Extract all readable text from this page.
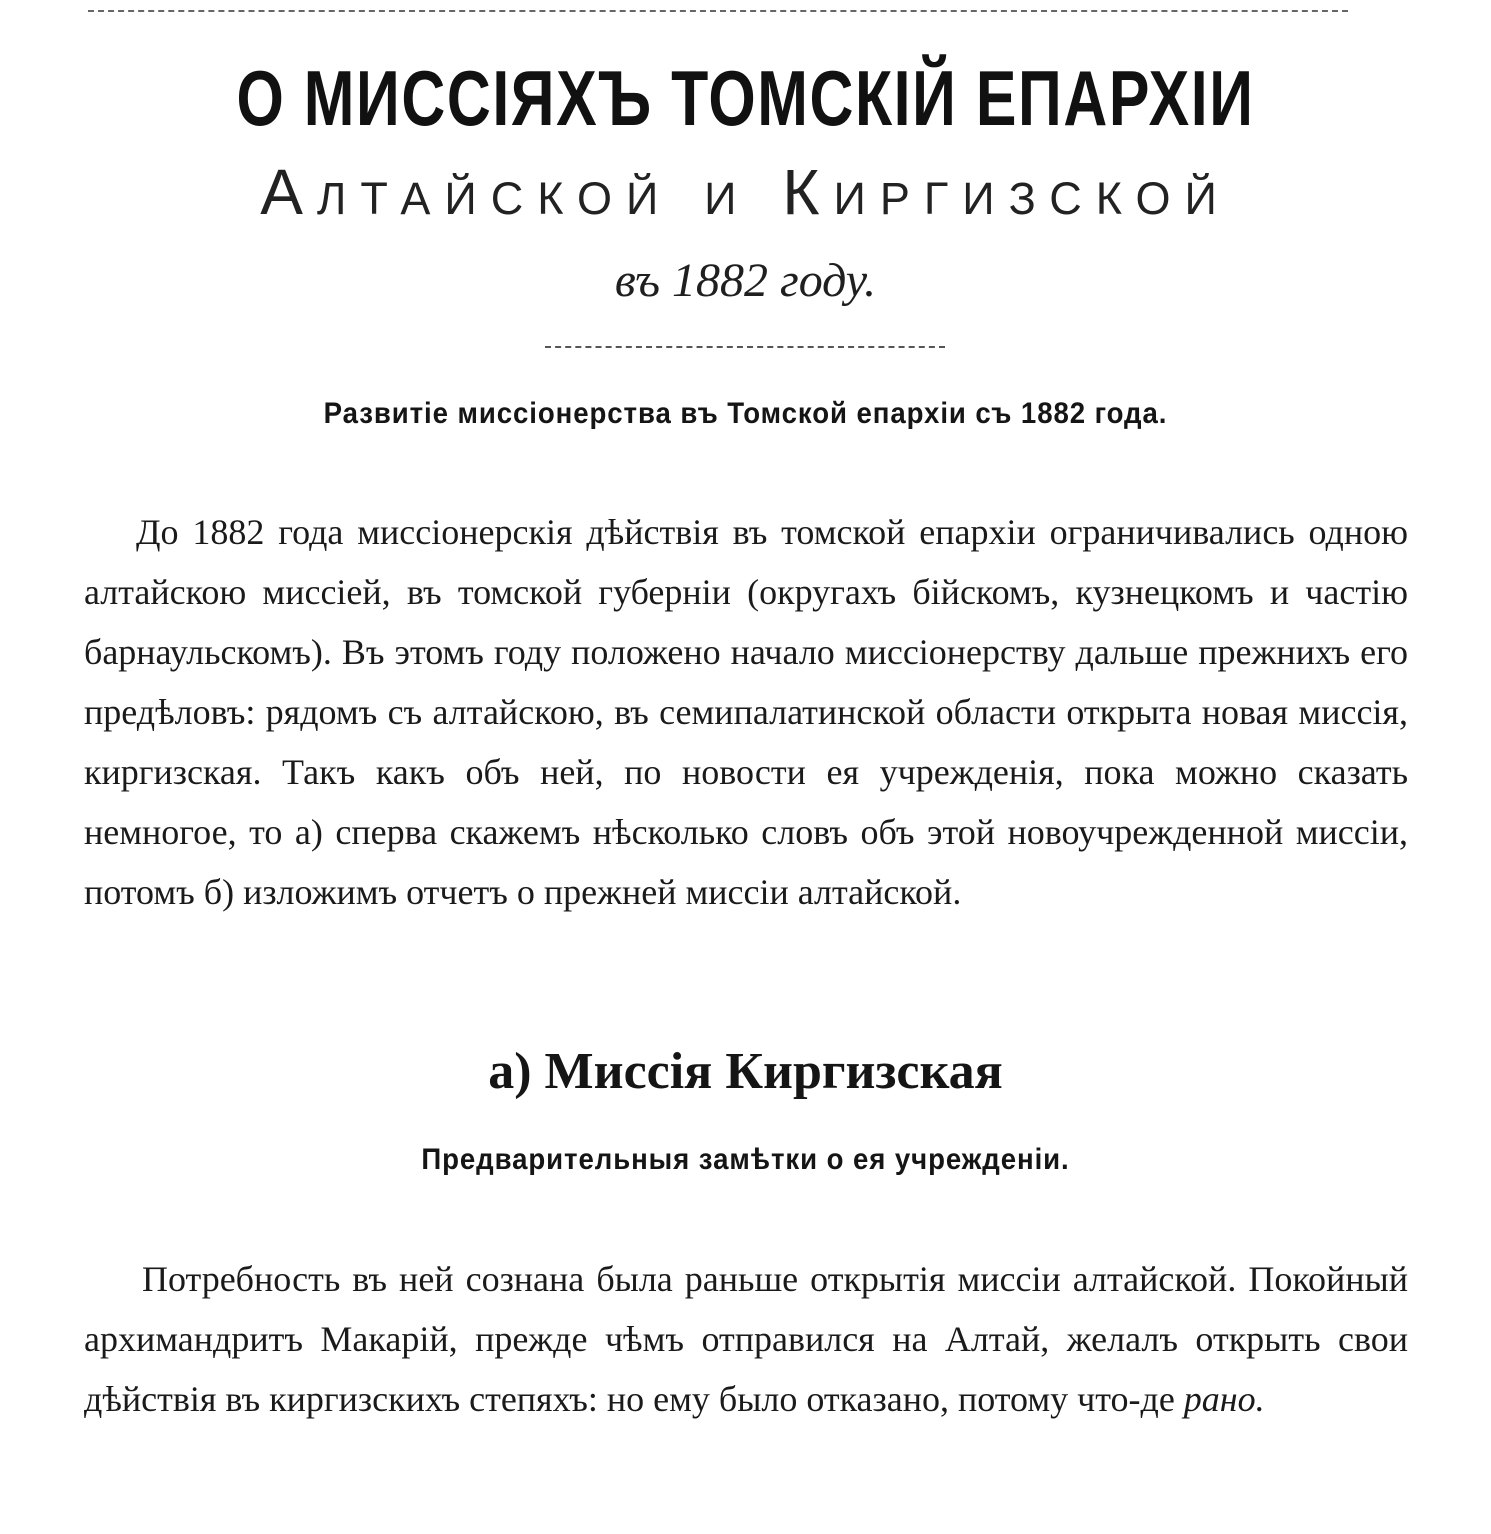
О МИССІЯХЪ ТОМСКІЙ ЕПАРХІИ
Алтайской и Киргизской
въ 1882 году.
Развитіе миссіонерства въ Томской епархіи съ 1882 года.

До 1882 года миссіонерскія дѣйствія въ томской епархіи ограничивались одною алтайскою миссіей, въ томской губерніи (округахъ бійскомъ, кузнецкомъ и частію барнаульскомъ). Въ этомъ году положено начало миссіонерству дальше прежнихъ его предѣловъ: рядомъ съ алтайскою, въ семипалатинской области открыта новая миссія, киргизская. Такъ какъ объ ней, по новости ея учрежденія, пока можно сказать немногое, то а) сперва скажемъ нѣсколько словъ объ этой новоучрежденной миссіи, потомъ б) изложимъ отчетъ о прежней миссіи алтайской.

а) Миссія Киргизская
Предварительныя замѣтки о ея учрежденіи.

Потребность въ ней сознана была раньше открытія миссіи алтайской. Покойный архимандритъ Макарій, прежде чѣмъ отправился на Алтай, желалъ открыть свои дѣйствія въ киргизскихъ степяхъ: но ему было отказано, потому что-де рано.
